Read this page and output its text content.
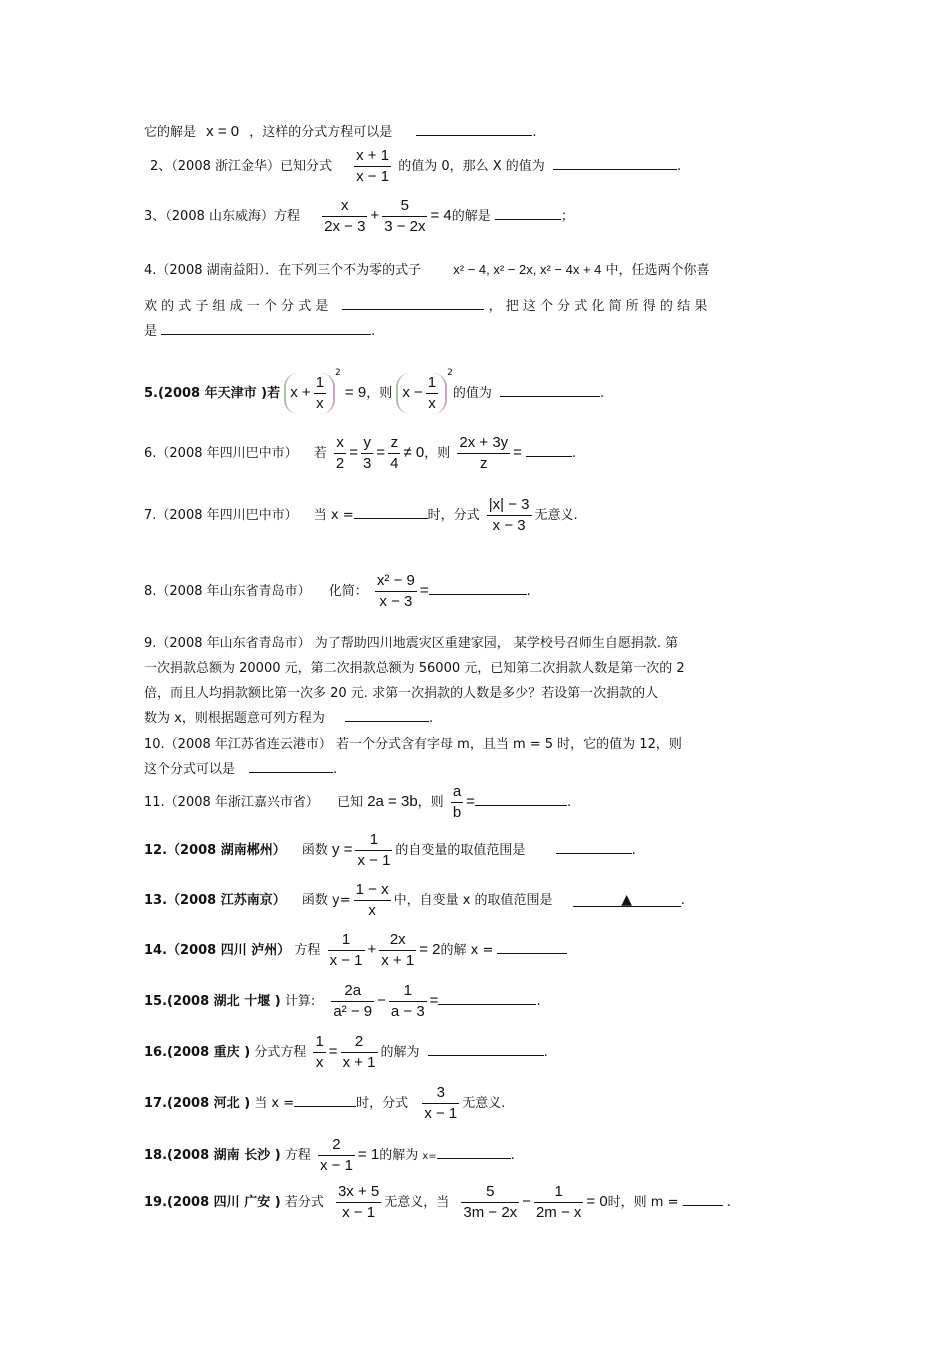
它的解是 x = 0 ，这样的分式方程可以是	.
2、（2008 浙江金华）已知分式 $\frac{x + 1}{x - 1}$ 的值为 0，那么 X 的值为	.
3、（2008 山东威海）方程 $\frac{x}{2x - 3} + \frac{5}{3 - 2x} = 4$的解是	；
4.（2008 湖南益阳）．在下列三个不为零的式子 x² − 4, x² − 2x, x² − 4x + 4 中，任选两个你喜
欢 的 式 子 组 成 一 个 分 式 是	， 把 这 个 分 式 化 简 所 得 的 结 果
是	.
5.(2008 年天津市 )若 $x + \frac{1}{x} ^2 = 9$，则 $x - \frac{1}{x} ^2$的值为	.
6.（2008 年四川巴中市） 若 $\frac{x}{2} = \frac{y}{3} = \frac{z}{4} \ne 0$，则 $\frac{2x + 3y}{z}$ =	.
7.（2008 年四川巴中市） 当 x =	时，分式 $\frac{|x| - 3}{x - 3}$ 无意义.
8.（2008 年山东省青岛市） 化简： $\frac{\text{x² − 9}}{x - 3}$ =	.
9.（2008 年山东省青岛市） 为了帮助四川地震灾区重建家园， 某学校号召师生自愿捐款. 第
一次捐款总额为 20000 元，第二次捐款总额为 56000 元，已知第二次捐款人数是第一次的 2
倍，而且人均捐款额比第一次多 20 元. 求第一次捐款的人数是多少？若设第一次捐款的人
数为 x，则根据题意可列方程为	.
10.（2008 年江苏省连云港市） 若一个分式含有字母 m，且当 m = 5 时，它的值为 12，则
这个分式可以是	.
11.（2008 年浙江嘉兴市省） 已知 2a = 3b，则 $\frac{a}{b}$ =	.
12.（2008 湖南郴州） 函数 $y = \frac{1}{x - 1}$ 的自变量的取值范围是	.
13.（2008 江苏南京） 函数 $y= \frac{1 - x}{x}$ 中，自变量 x 的取值范围是	▲	.
14.（2008 四川 泸州） 方程 $\frac{1}{x - 1} + \frac{2x}{x + 1} = 2$的解 x =
15.(2008 湖北 十堰 ) 计算: $\frac{2a}{\text{a² − 9}} - \frac{1}{a - 3}$ =	.
16.(2008 重庆 ) 分式方程 $\frac{1}{x} = \frac{2}{x + 1}$ 的解为	.
17.(2008 河北 ) 当 x =	时，分式 $\frac{3}{x - 1}$ 无意义.
18.(2008 湖南 长沙 ) 方程 $\frac{2}{x - 1} = 1$的解为 x=	.
19.(2008 四川 广安 ) 若分式 $\frac{3x + 5}{x - 1}$ 无意义，当 $\frac{5}{3m - 2x} - \frac{1}{2m - x} = 0$时，则 m =	.
